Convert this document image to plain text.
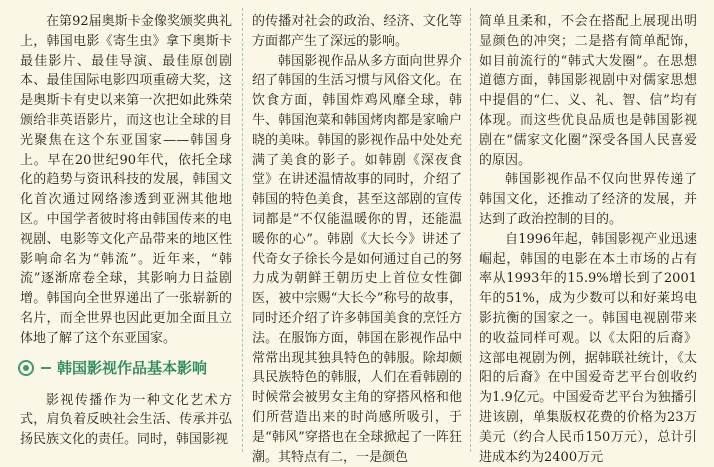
在第92届奥斯卡金像奖颁奖典礼上，韩国电影《寄生虫》拿下奥斯卡最佳影片、最佳导演、最佳原创剧本、最佳国际电影四项重磅大奖，这是奥斯卡有史以来第一次把如此殊荣颁给非英语影片，而这也让全球的目光聚焦在这个东亚国家——韩国身上。早在20世纪90年代，依托全球化的趋势与资讯科技的发展，韩国文化首次通过网络渗透到亚洲其他地区。中国学者彼时将由韩国传来的电视剧、电影等文化产品带来的地区性影响命名为“韩流”。近年来，“韩流”逐渐席卷全球，其影响力日益剧增。韩国向全世界递出了一张崭新的名片，而全世界也因此更加全面且立体地了解了这个东亚国家。

韩国影视作品基本影响

影视传播作为一种文化艺术方式，肩负着反映社会生活、传承并弘扬民族文化的责任。同时，韩国影视

的传播对社会的政治、经济、文化等方面都产生了深远的影响。

韩国影视作品从多方面向世界介绍了韩国的生活习惯与风俗文化。在饮食方面，韩国炸鸡风靡全球，韩牛、韩国泡菜和韩国烤肉都是家喻户晓的美味。韩国的影视作品中处处充满了美食的影子。如韩剧《深夜食堂》在讲述温情故事的同时，介绍了韩国的特色美食，甚至这部剧的宣传词都是“不仅能温暖你的胃，还能温暖你的心”。韩剧《大长今》讲述了代奇女子徐长今是如何通过自己的努力成为朝鲜王朝历史上首位女性御医，被中宗赐“大长今”称号的故事，同时还介绍了许多韩国美食的烹饪方法。在服饰方面，韩国在影视作品中常常出现其独具特色的韩服。除却颇具民族特色的韩服，人们在看韩剧的时候常会被男女主角的穿搭风格和他们所营造出来的时尚感所吸引，于是“韩风”穿搭也在全球掀起了一阵狂潮。其特点有二，一是颜色

简单且柔和，不会在搭配上展现出明显颜色的冲突；二是搭有简单配饰，如目前流行的“韩式大发圈”。在思想道德方面，韩国影视剧中对儒家思想中提倡的“仁、义、礼、智、信”均有体现。而这些优良品质也是韩国影视剧在“儒家文化圈”深受各国人民喜爱的原因。

韩国影视作品不仅向世界传递了韩国文化，还推动了经济的发展，并达到了政治控制的目的。

自1996年起，韩国影视产业迅速崛起，韩国的电影在本土市场的占有率从1993年的15.9%增长到了2001年的51%，成为少数可以和好莱坞电影抗衡的国家之一。韩国电视剧带来的收益同样可观。以《太阳的后裔》这部电视剧为例，据韩联社统计，《太阳的后裔》在中国爱奇艺平台创收约为1.9亿元。中国爱奇艺平台为独播引进该剧，单集版权花费的价格为23万美元（约合人民币150万元），总计引进成本约为2400万元
